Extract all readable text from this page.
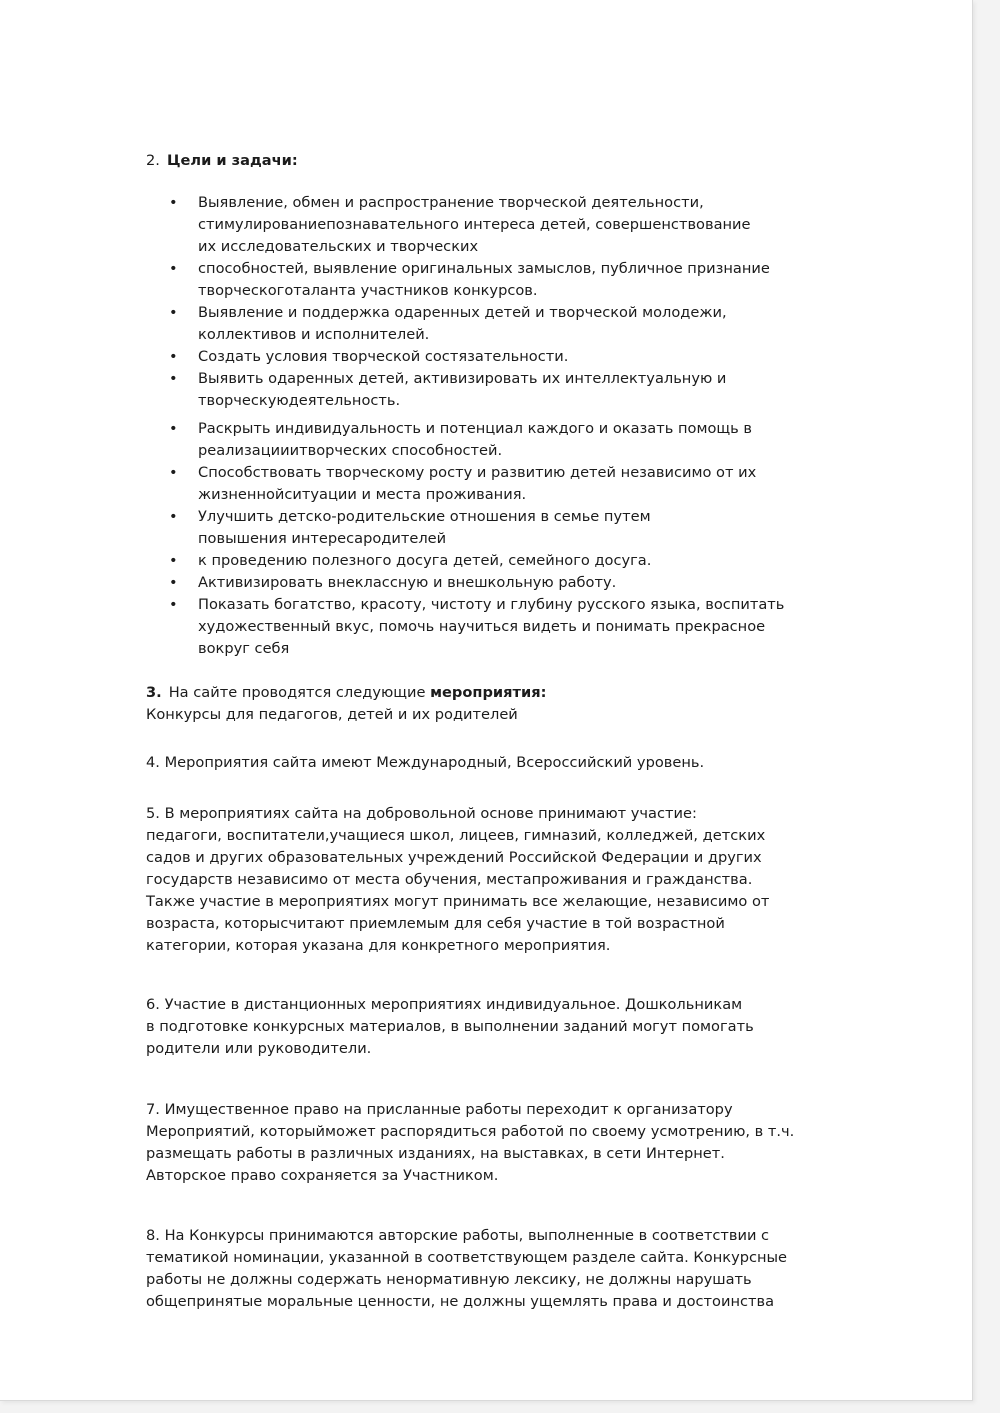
2. Цели и задачи:

• Выявление, обмен и распространение творческой деятельности,
стимулированиепознавательного интереса детей, совершенствование
их исследовательских и творческих
• способностей, выявление оригинальных замыслов, публичное признание
творческоготаланта участников конкурсов.
• Выявление и поддержка одаренных детей и творческой молодежи,
коллективов и исполнителей.
• Создать условия творческой состязательности.
• Выявить одаренных детей, активизировать их интеллектуальную и
творческуюдеятельность.
• Раскрыть индивидуальность и потенциал каждого и оказать помощь в
реализацииитворческих способностей.
• Способствовать творческому росту и развитию детей независимо от их
жизненнойситуации и места проживания.
• Улучшить детско-родительские отношения в семье путем
повышения интересародителей
• к проведению полезного досуга детей, семейного досуга.
• Активизировать внеклассную и внешкольную работу.
• Показать богатство, красоту, чистоту и глубину русского языка, воспитать
художественный вкус, помочь научиться видеть и понимать прекрасное
вокруг себя

3. На сайте проводятся следующие мероприятия:

Конкурсы для педагогов, детей и их родителей

4. Мероприятия сайта имеют Международный, Всероссийский уровень.

5. В мероприятиях сайта на добровольной основе принимают участие:
педагоги, воспитатели,учащиеся школ, лицеев, гимназий, колледжей, детских
садов и других образовательных учреждений Российской Федерации и других
государств независимо от места обучения, местапроживания и гражданства.
Также участие в мероприятиях могут принимать все желающие, независимо от
возраста, которысчитают приемлемым для себя участие в той возрастной
категории, которая указана для конкретного мероприятия.

6. Участие в дистанционных мероприятиях индивидуальное. Дошкольникам
в подготовке конкурсных материалов, в выполнении заданий могут помогать
родители или руководители.

7. Имущественное право на присланные работы переходит к организатору
Мероприятий, которыйможет распорядиться работой по своему усмотрению, в т.ч.
размещать работы в различных изданиях, на выставках, в сети Интернет.
Авторское право сохраняется за Участником.

8. На Конкурсы принимаются авторские работы, выполненные в соответствии с
тематикой номинации, указанной в соответствующем разделе сайта. Конкурсные
работы не должны содержать ненормативную лексику, не должны нарушать
общепринятые моральные ценности, не должны ущемлять права и достоинства
